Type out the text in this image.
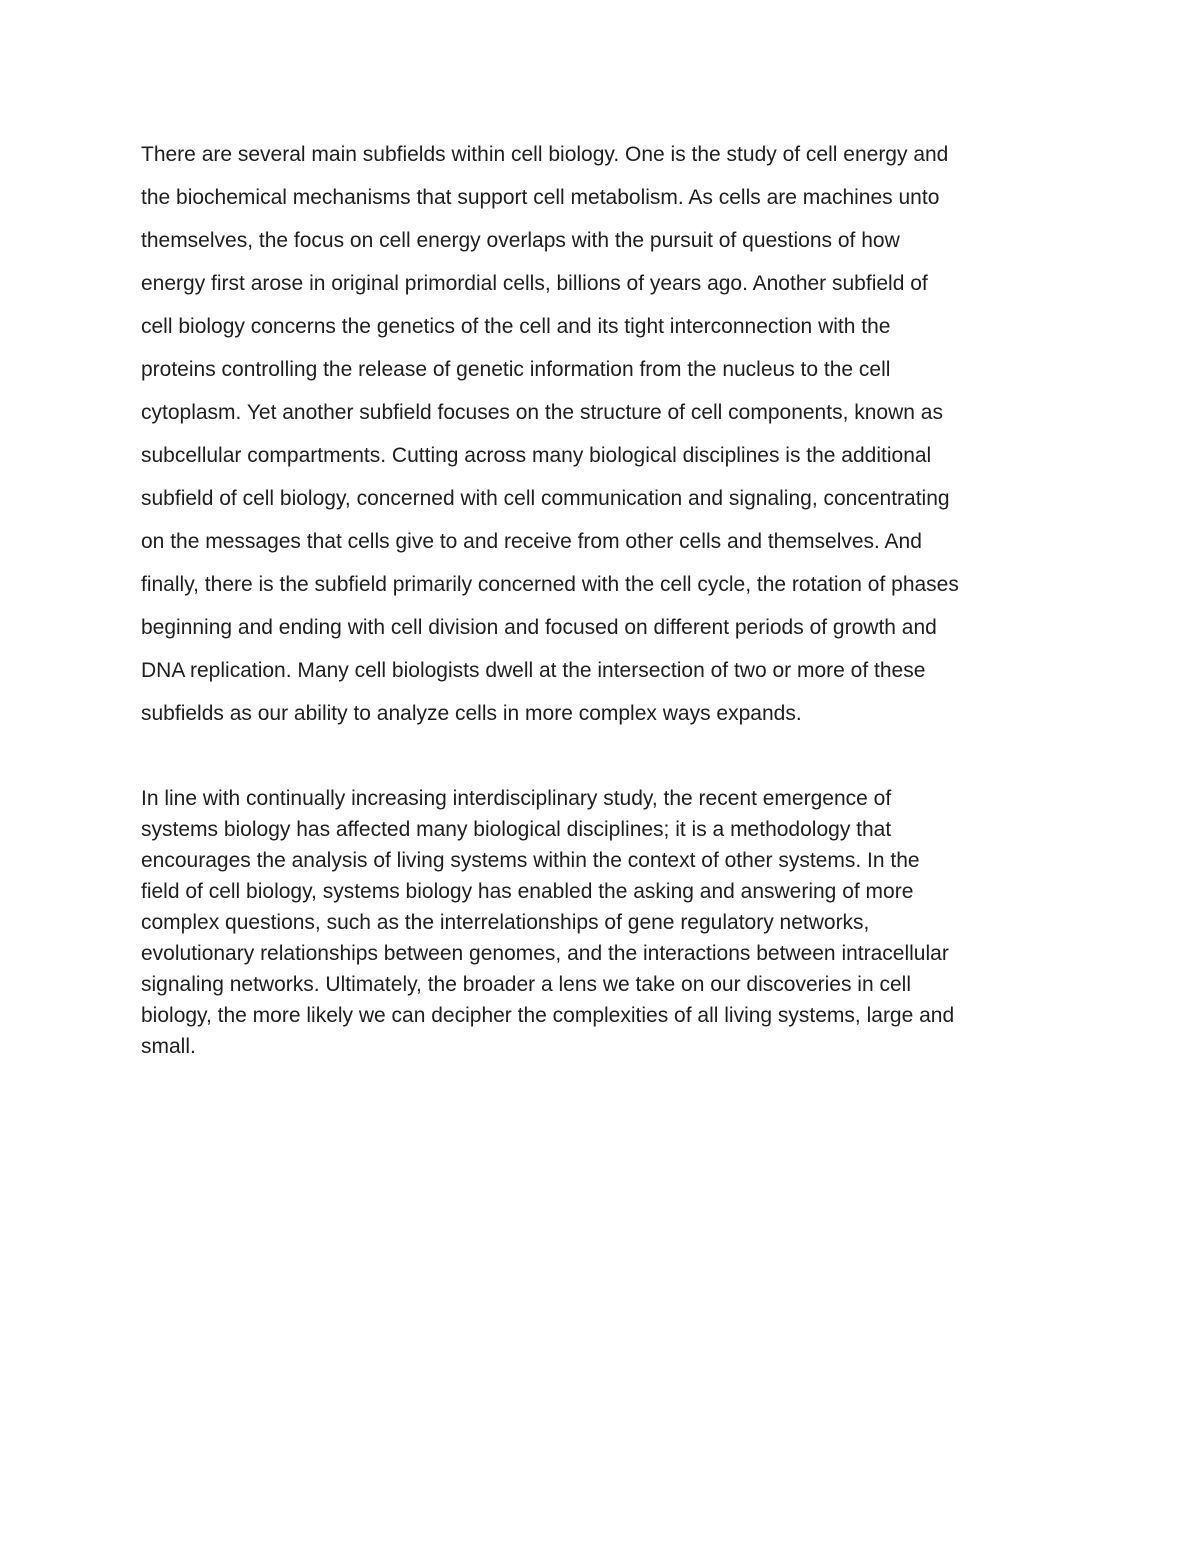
There are several main subfields within cell biology. One is the study of cell energy and

the biochemical mechanisms that support cell metabolism. As cells are machines unto

themselves, the focus on cell energy overlaps with the pursuit of questions of how

energy first arose in original primordial cells, billions of years ago. Another subfield of

cell biology concerns the genetics of the cell and its tight interconnection with the

proteins controlling the release of genetic information from the nucleus to the cell

cytoplasm. Yet another subfield focuses on the structure of cell components, known as

subcellular compartments. Cutting across many biological disciplines is the additional

subfield of cell biology, concerned with cell communication and signaling, concentrating

on the messages that cells give to and receive from other cells and themselves. And

finally, there is the subfield primarily concerned with the cell cycle, the rotation of phases

beginning and ending with cell division and focused on different periods of growth and

DNA replication. Many cell biologists dwell at the intersection of two or more of these

subfields as our ability to analyze cells in more complex ways expands.

In line with continually increasing interdisciplinary study, the recent emergence of

systems biology has affected many biological disciplines; it is a methodology that

encourages the analysis of living systems within the context of other systems. In the

field of cell biology, systems biology has enabled the asking and answering of more

complex questions, such as the interrelationships of gene regulatory networks,

evolutionary relationships between genomes, and the interactions between intracellular

signaling networks. Ultimately, the broader a lens we take on our discoveries in cell

biology, the more likely we can decipher the complexities of all living systems, large and

small.
